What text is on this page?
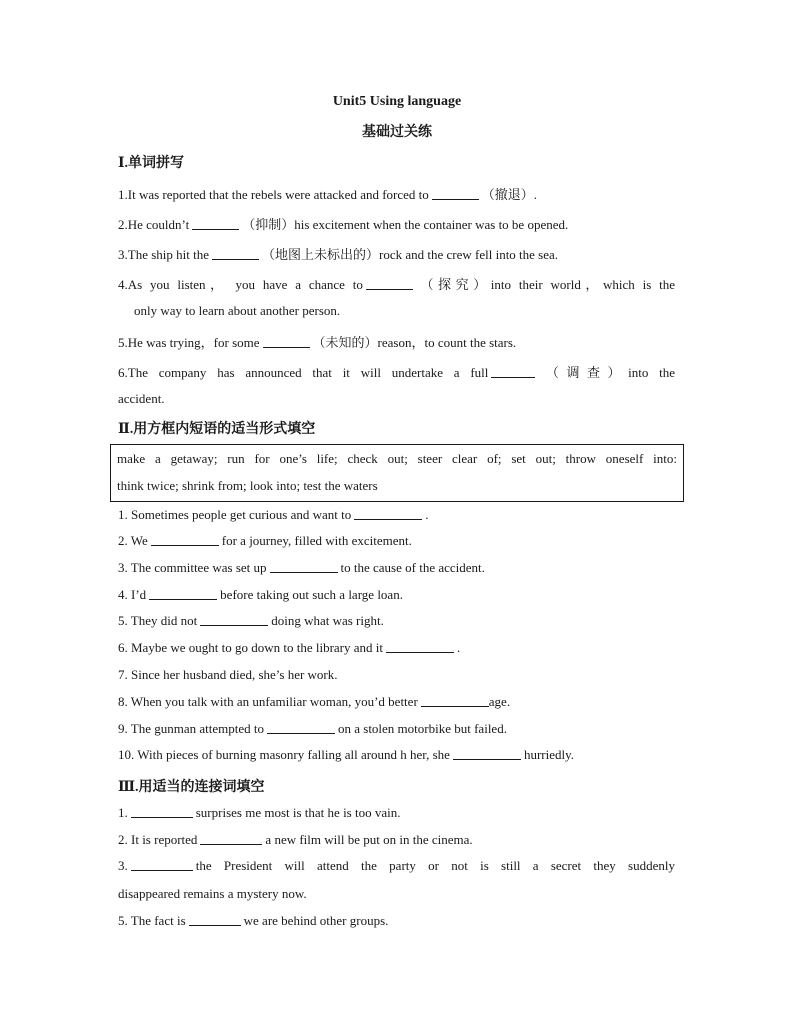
Unit5 Using language
基础过关练
Ⅰ.单词拼写
1.It was reported that the rebels were attacked and forced to	（撤退）.
2.He couldn’t	（抑制）his excitement when the container was to be opened.
3.The ship hit the	（地图上未标出的）rock and the crew fell into the sea.
4.As you listen， you have a chance to	（探究）into their world，which is the
only way to learn about another person.
5.He was trying，for some	（未知的）reason，to count the stars.
6.The company has announced that it will undertake a full	（调查）into the
accident.
Ⅱ.用方框内短语的适当形式填空
make a getaway; run for one’s life; check out; steer clear of; set out; throw oneself into:
think twice; shrink from; look into; test the waters
1. Sometimes people get curious and want to	.
2. We	for a journey, filled with excitement.
3. The committee was set up	to the cause of the accident.
4. I’d	before taking out such a large loan.
5. They did not	doing what was right.
6. Maybe we ought to go down to the library and it	.
7. Since her husband died, she’s her work.
8. When you talk with an unfamiliar woman, you’d better	age.
9. The gunman attempted to	on a stolen motorbike but failed.
10. With pieces of burning masonry falling all around h her, she	hurriedly.
Ⅲ.用适当的连接词填空
1.	surprises me most is that he is too vain.
2. It is reported	a new film will be put on in the cinema.
3.	the President will attend the party or not is still a secret they suddenly
disappeared remains a mystery now.
5. The fact is	we are behind other groups.
